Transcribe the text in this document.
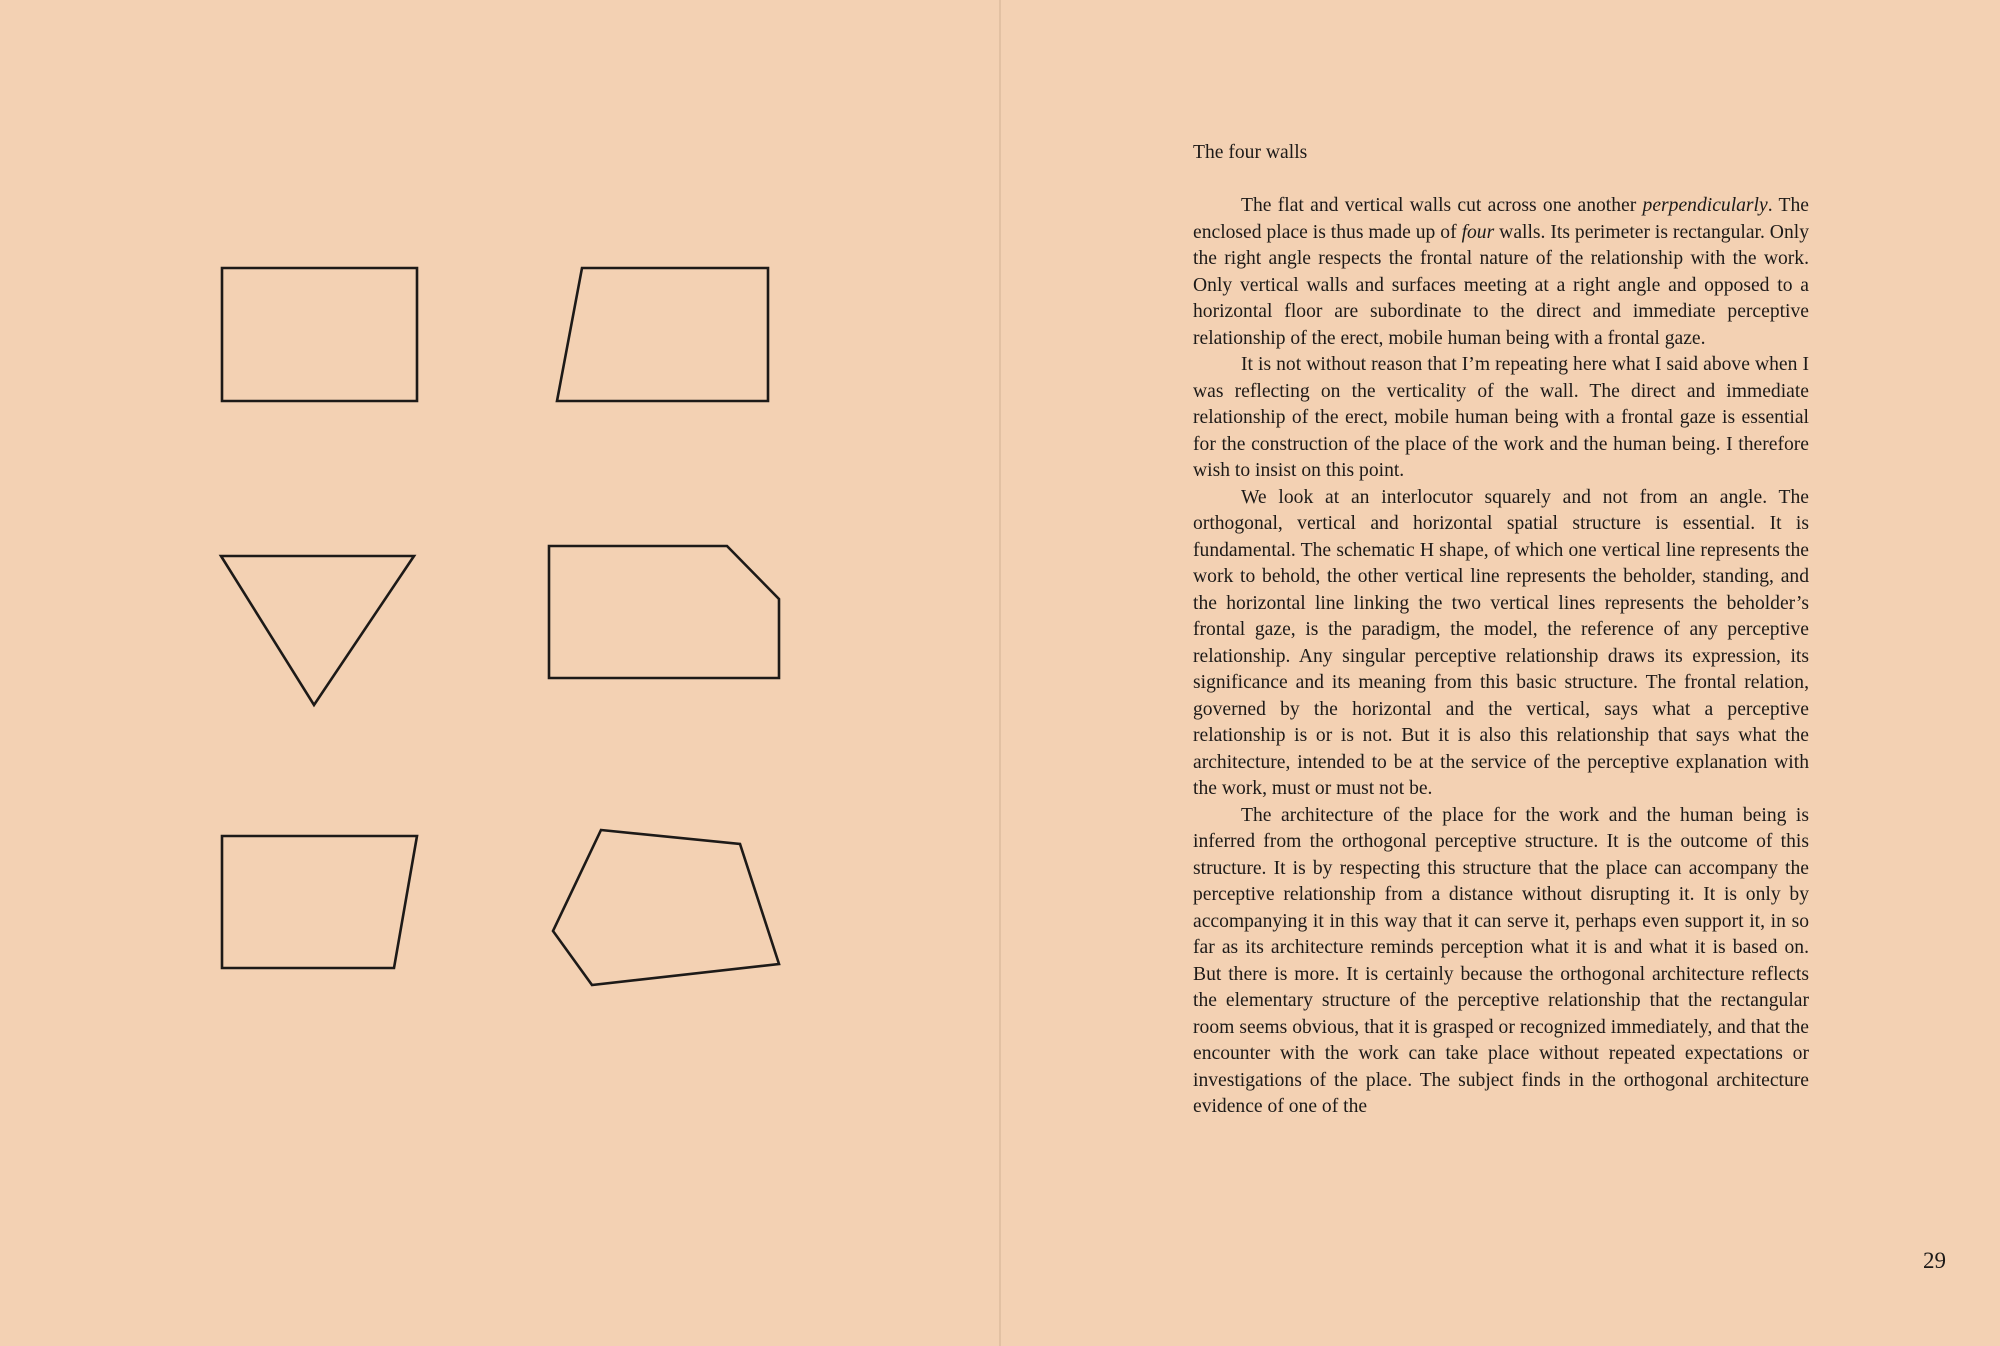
The four walls

The flat and vertical walls cut across one another perpendicularly. The enclosed place is thus made up of four walls. Its perimeter is rectangular. Only the right angle respects the frontal nature of the relationship with the work. Only vertical walls and surfaces meeting at a right angle and opposed to a horizontal floor are subordinate to the direct and immediate perceptive relationship of the erect, mobile human being with a frontal gaze.

It is not without reason that I’m repeating here what I said above when I was reflecting on the verticality of the wall. The direct and immediate relationship of the erect, mobile human being with a frontal gaze is essential for the construction of the place of the work and the human being. I therefore wish to insist on this point.

We look at an interlocutor squarely and not from an angle. The orthogonal, vertical and horizontal spatial structure is essential. It is fundamental. The schematic H shape, of which one vertical line represents the work to behold, the other vertical line represents the beholder, standing, and the horizontal line linking the two vertical lines represents the beholder’s frontal gaze, is the paradigm, the model, the reference of any perceptive relationship. Any singular perceptive relationship draws its expression, its significance and its meaning from this basic structure. The frontal relation, governed by the horizontal and the vertical, says what a perceptive relationship is or is not. But it is also this relationship that says what the architecture, intended to be at the service of the perceptive explanation with the work, must or must not be.

The architecture of the place for the work and the human being is inferred from the orthogonal perceptive structure. It is the outcome of this structure. It is by respecting this structure that the place can accompany the perceptive relationship from a distance without disrupting it. It is only by accompanying it in this way that it can serve it, perhaps even support it, in so far as its architecture reminds perception what it is and what it is based on. But there is more. It is certainly because the orthogonal architecture reflects the elementary structure of the perceptive relationship that the rectangular room seems obvious, that it is grasped or recognized immediately, and that the encounter with the work can take place without repeated expectations or investigations of the place. The subject finds in the orthogonal architecture evidence of one of the

29
